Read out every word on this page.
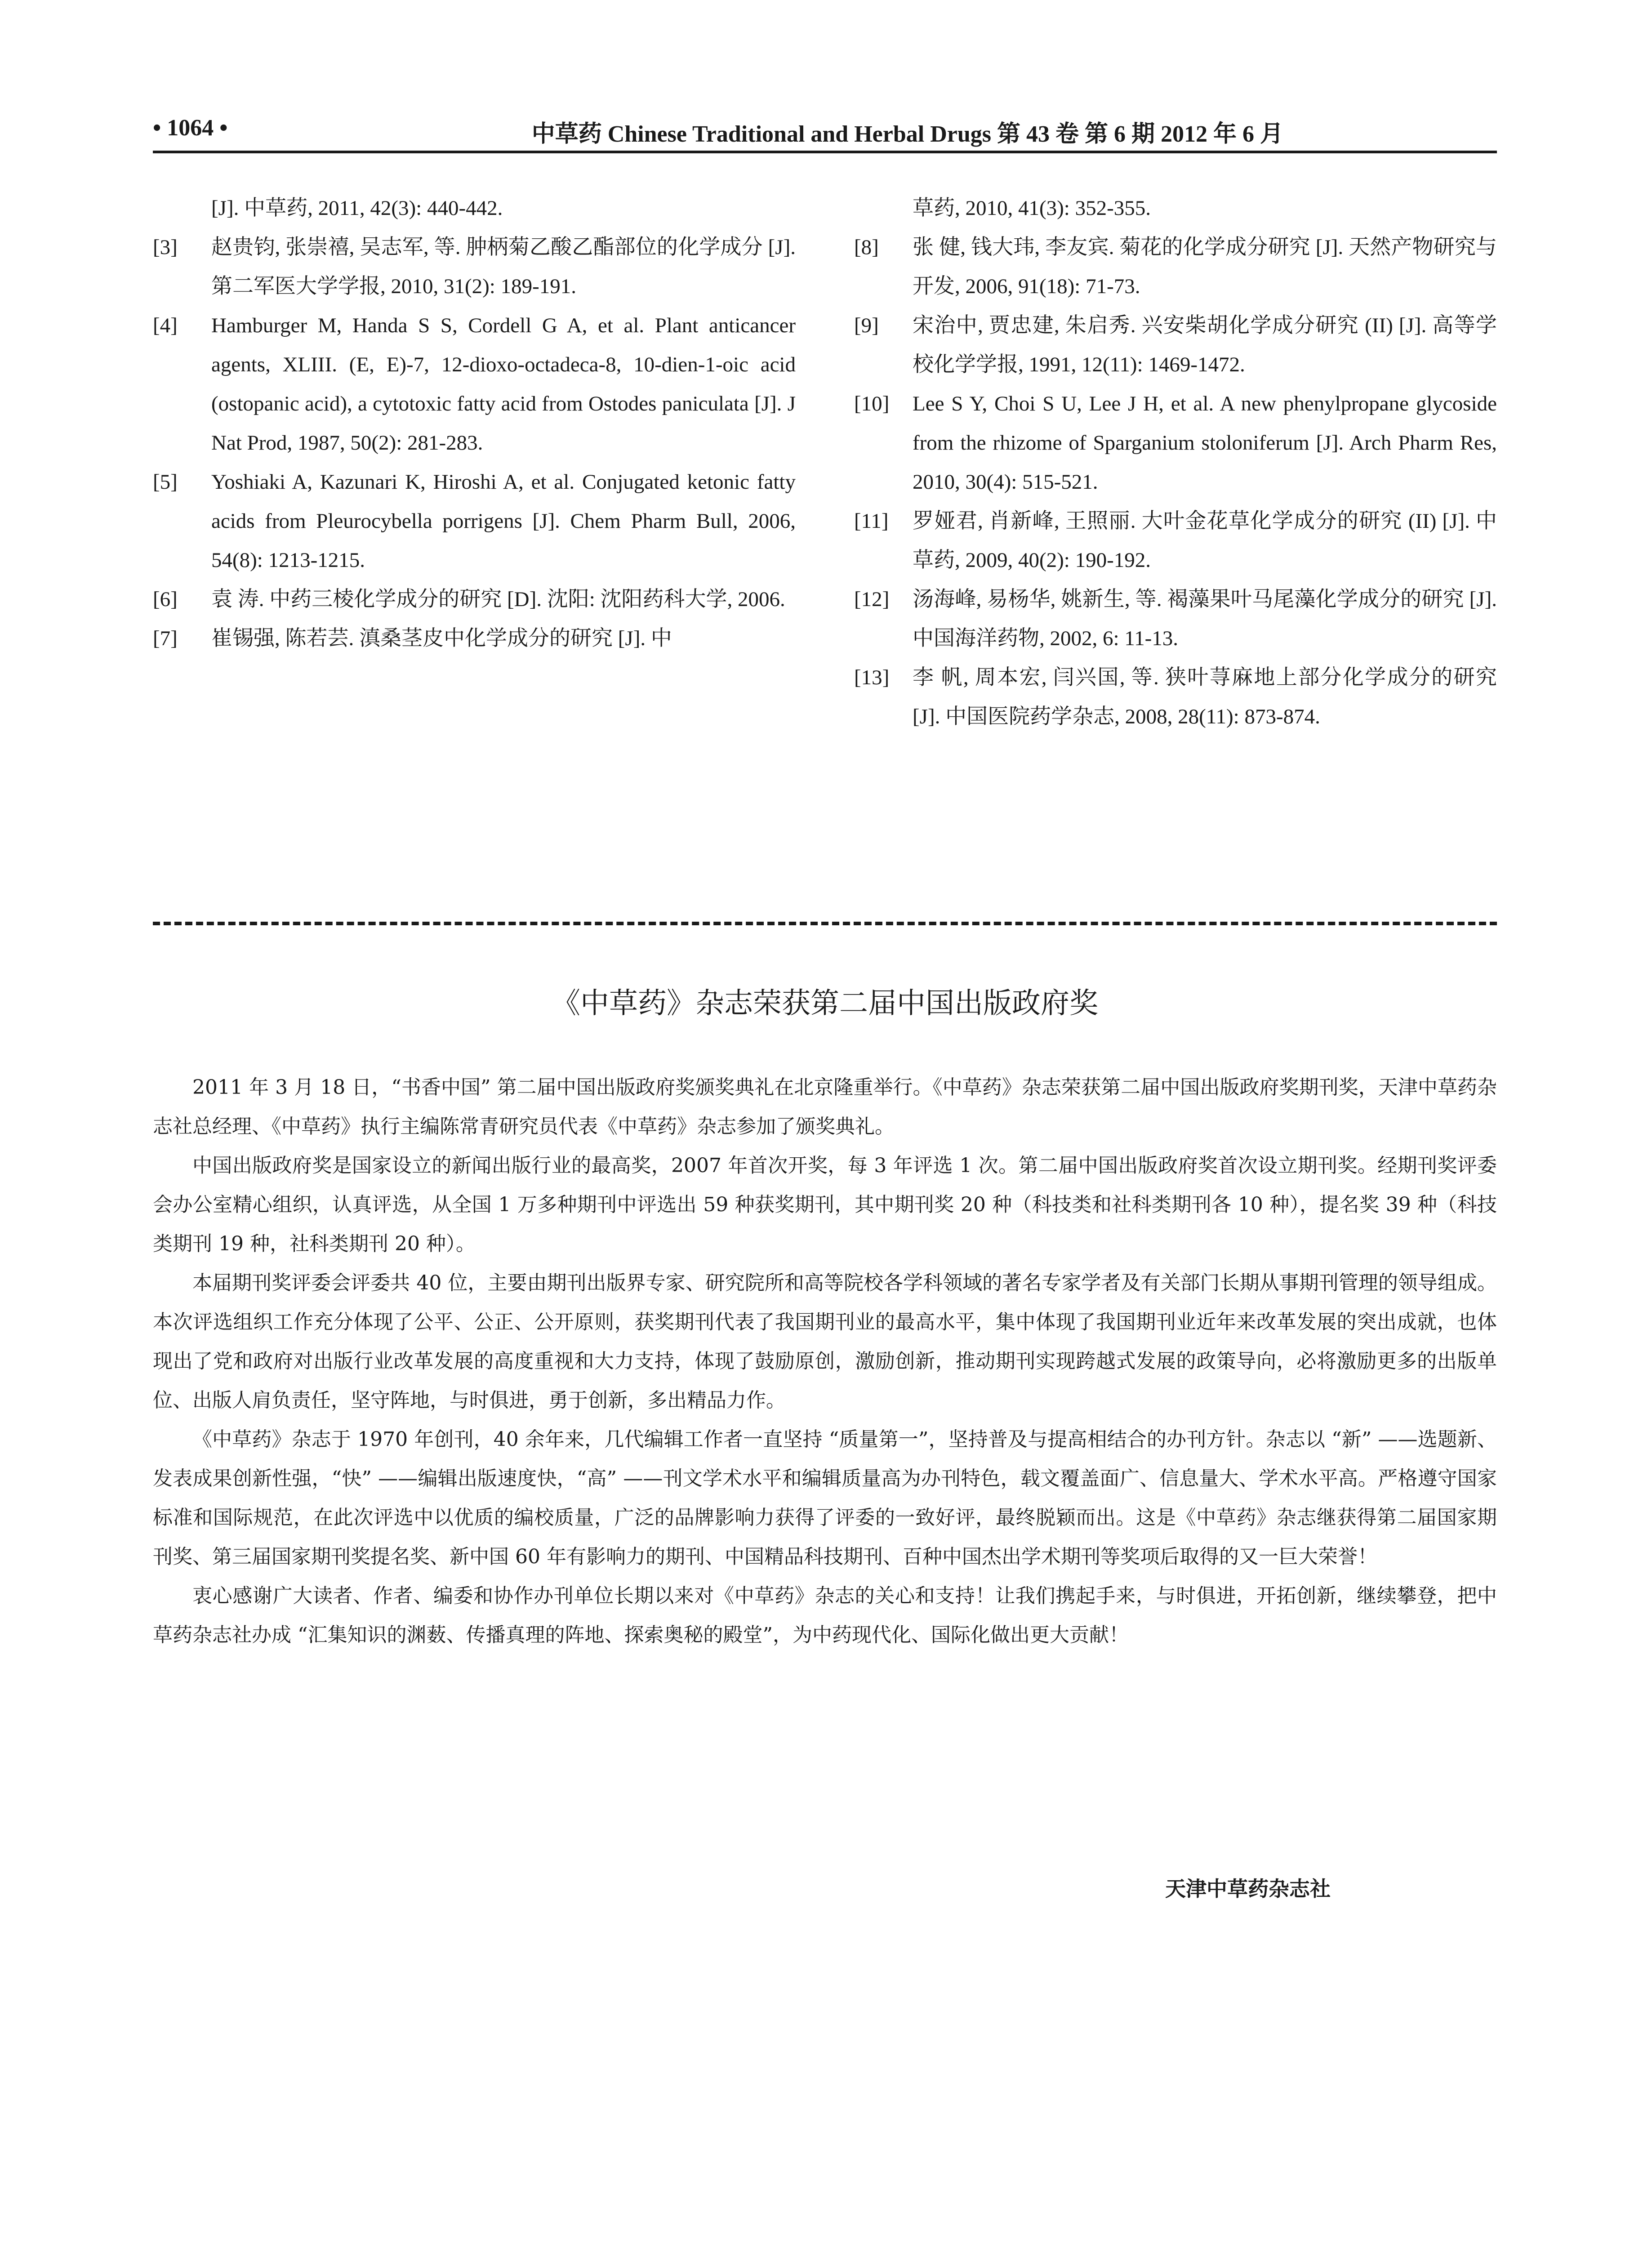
• 1064 •	中草药 Chinese Traditional and Herbal Drugs 第 43 卷 第 6 期 2012 年 6 月
[J]. 中草药, 2011, 42(3): 440-442.
[3] 赵贵钧, 张崇禧, 吴志军, 等. 肿柄菊乙酸乙酯部位的化学成分 [J]. 第二军医大学学报, 2010, 31(2): 189-191.
[4] Hamburger M, Handa S S, Cordell G A, et al. Plant anticancer agents, XLIII. (E, E)-7, 12-dioxo-octadeca-8, 10-dien-1-oic acid (ostopanic acid), a cytotoxic fatty acid from Ostodes paniculata [J]. J Nat Prod, 1987, 50(2): 281-283.
[5] Yoshiaki A, Kazunari K, Hiroshi A, et al. Conjugated ketonic fatty acids from Pleurocybella porrigens [J]. Chem Pharm Bull, 2006, 54(8): 1213-1215.
[6] 袁 涛. 中药三棱化学成分的研究 [D]. 沈阳: 沈阳药科大学, 2006.
[7] 崔锡强, 陈若芸. 滇桑茎皮中化学成分的研究 [J]. 中
草药, 2010, 41(3): 352-355.
[8] 张 健, 钱大玮, 李友宾. 菊花的化学成分研究 [J]. 天然产物研究与开发, 2006, 91(18): 71-73.
[9] 宋治中, 贾忠建, 朱启秀. 兴安柴胡化学成分研究 (II) [J]. 高等学校化学学报, 1991, 12(11): 1469-1472.
[10] Lee S Y, Choi S U, Lee J H, et al. A new phenylpropane glycoside from the rhizome of Sparganium stoloniferum [J]. Arch Pharm Res, 2010, 30(4): 515-521.
[11] 罗娅君, 肖新峰, 王照丽. 大叶金花草化学成分的研究 (II) [J]. 中草药, 2009, 40(2): 190-192.
[12] 汤海峰, 易杨华, 姚新生, 等. 褐藻果叶马尾藻化学成分的研究 [J]. 中国海洋药物, 2002, 6: 11-13.
[13] 李 帆, 周本宏, 闫兴国, 等. 狭叶荨麻地上部分化学成分的研究 [J]. 中国医院药学杂志, 2008, 28(11): 873-874.
《中草药》杂志荣获第二届中国出版政府奖

2011 年 3 月 18 日，“书香中国” 第二届中国出版政府奖颁奖典礼在北京隆重举行。《中草药》杂志荣获第二届中国出版政府奖期刊奖，天津中草药杂志社总经理、《中草药》执行主编陈常青研究员代表《中草药》杂志参加了颁奖典礼。

中国出版政府奖是国家设立的新闻出版行业的最高奖，2007 年首次开奖，每 3 年评选 1 次。第二届中国出版政府奖首次设立期刊奖。经期刊奖评委会办公室精心组织，认真评选，从全国 1 万多种期刊中评选出 59 种获奖期刊，其中期刊奖 20 种（科技类和社科类期刊各 10 种），提名奖 39 种（科技类期刊 19 种，社科类期刊 20 种）。

本届期刊奖评委会评委共 40 位，主要由期刊出版界专家、研究院所和高等院校各学科领域的著名专家学者及有关部门长期从事期刊管理的领导组成。本次评选组织工作充分体现了公平、公正、公开原则，获奖期刊代表了我国期刊业的最高水平，集中体现了我国期刊业近年来改革发展的突出成就，也体现出了党和政府对出版行业改革发展的高度重视和大力支持，体现了鼓励原创，激励创新，推动期刊实现跨越式发展的政策导向，必将激励更多的出版单位、出版人肩负责任，坚守阵地，与时俱进，勇于创新，多出精品力作。

《中草药》杂志于 1970 年创刊，40 余年来，几代编辑工作者一直坚持 “质量第一”，坚持普及与提高相结合的办刊方针。杂志以 “新” ——选题新、发表成果创新性强，“快” ——编辑出版速度快，“高” ——刊文学术水平和编辑质量高为办刊特色，载文覆盖面广、信息量大、学术水平高。严格遵守国家标准和国际规范，在此次评选中以优质的编校质量，广泛的品牌影响力获得了评委的一致好评，最终脱颖而出。这是《中草药》杂志继获得第二届国家期刊奖、第三届国家期刊奖提名奖、新中国 60 年有影响力的期刊、中国精品科技期刊、百种中国杰出学术期刊等奖项后取得的又一巨大荣誉！

衷心感谢广大读者、作者、编委和协作办刊单位长期以来对《中草药》杂志的关心和支持！让我们携起手来，与时俱进，开拓创新，继续攀登，把中草药杂志社办成 “汇集知识的渊薮、传播真理的阵地、探索奥秘的殿堂”，为中药现代化、国际化做出更大贡献！

天津中草药杂志社
